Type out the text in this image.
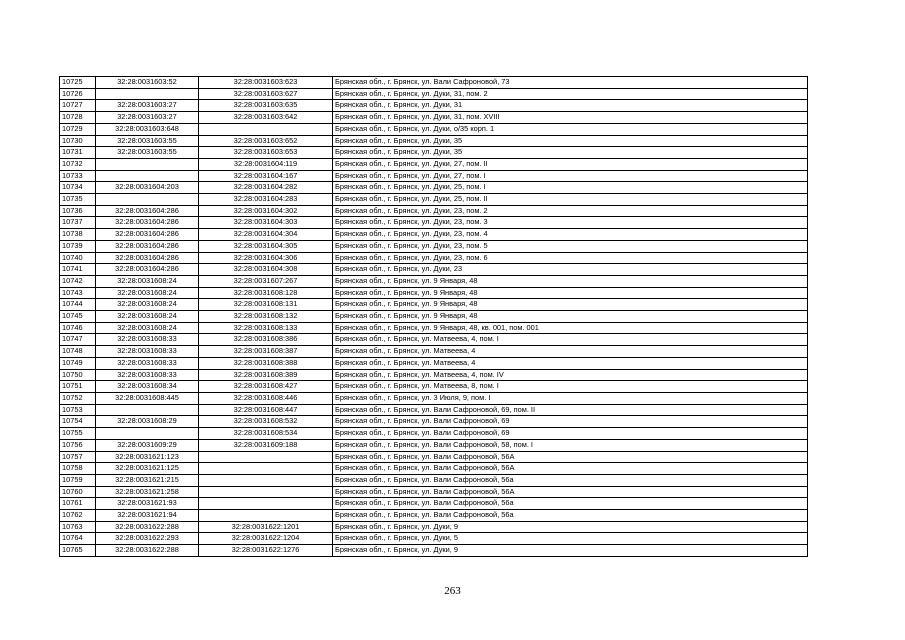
10725	32:28:0031603:52	32:28:0031603:623	Брянская обл., г. Брянск, ул. Вали Сафроновой, 73
10726		32:28:0031603:627	Брянская обл., г. Брянск, ул. Дуки, 31, пом. 2
10727	32:28:0031603:27	32:28:0031603:635	Брянская обл., г. Брянск, ул. Дуки, 31
10728	32:28:0031603:27	32:28:0031603:642	Брянская обл., г. Брянск, ул. Дуки, 31, пом. XVIII
10729	32:28:0031603:648		Брянская обл., г. Брянск, ул. Дуки, о/35 корп. 1
10730	32:28:0031603:55	32:28:0031603:652	Брянская обл., г. Брянск, ул. Дуки, 35
10731	32:28:0031603:55	32:28:0031603:653	Брянская обл., г. Брянск, ул. Дуки, 35
10732		32:28:0031604:119	Брянская обл., г. Брянск, ул. Дуки, 27, пом. II
10733		32:28:0031604:167	Брянская обл., г. Брянск, ул. Дуки, 27, пом. I
10734	32:28:0031604:203	32:28:0031604:282	Брянская обл., г. Брянск, ул. Дуки, 25, пом. I
10735		32:28:0031604:283	Брянская обл., г. Брянск, ул. Дуки, 25, пом. II
10736	32:28:0031604:286	32:28:0031604:302	Брянская обл., г. Брянск, ул. Дуки, 23, пом. 2
10737	32:28:0031604:286	32:28:0031604:303	Брянская обл., г. Брянск, ул. Дуки, 23, пом. 3
10738	32:28:0031604:286	32:28:0031604:304	Брянская обл., г. Брянск, ул. Дуки, 23, пом. 4
10739	32:28:0031604:286	32:28:0031604:305	Брянская обл., г. Брянск, ул. Дуки, 23, пом. 5
10740	32:28:0031604:286	32:28:0031604:306	Брянская обл., г. Брянск, ул. Дуки, 23, пом. 6
10741	32:28:0031604:286	32:28:0031604:308	Брянская обл., г. Брянск, ул. Дуки, 23
10742	32:28:0031608:24	32:28:0031607:267	Брянская обл., г. Брянск, ул. 9 Января, 48
10743	32:28:0031608:24	32:28:0031608:128	Брянская обл., г. Брянск, ул. 9 Января, 48
10744	32:28:0031608:24	32:28:0031608:131	Брянская обл., г. Брянск, ул. 9 Января, 48
10745	32:28:0031608:24	32:28:0031608:132	Брянская обл., г. Брянск, ул. 9 Января, 48
10746	32:28:0031608:24	32:28:0031608:133	Брянская обл., г. Брянск, ул. 9 Января, 48, кв. 001, пом. 001
10747	32:28:0031608:33	32:28:0031608:386	Брянская обл., г. Брянск, ул. Матвеева, 4, пом. I
10748	32:28:0031608:33	32:28:0031608:387	Брянская обл., г. Брянск, ул. Матвеева, 4
10749	32:28:0031608:33	32:28:0031608:388	Брянская обл., г. Брянск, ул. Матвеева, 4
10750	32:28:0031608:33	32:28:0031608:389	Брянская обл., г. Брянск, ул. Матвеева, 4, пом. IV
10751	32:28:0031608:34	32:28:0031608:427	Брянская обл., г. Брянск, ул. Матвеева, 8, пом. I
10752	32:28:0031608:445	32:28:0031608:446	Брянская обл., г. Брянск, ул. 3 Июля, 9, пом. I
10753		32:28:0031608:447	Брянская обл., г. Брянск, ул. Вали Сафроновой, 69, пом. II
10754	32:28:0031608:29	32:28:0031608:532	Брянская обл., г. Брянск, ул. Вали Сафроновой, 69
10755		32:28:0031608:534	Брянская обл., г. Брянск, ул. Вали Сафроновой, 69
10756	32:28:0031609:29	32:28:0031609:188	Брянская обл., г. Брянск, ул. Вали Сафроновой, 58, пом. I
10757	32:28:0031621:123		Брянская обл., г. Брянск, ул. Вали Сафроновой, 56А
10758	32:28:0031621:125		Брянская обл., г. Брянск, ул. Вали Сафроновой, 56А
10759	32:28:0031621:215		Брянская обл., г. Брянск, ул. Вали Сафроновой, 56а
10760	32:28:0031621:258		Брянская обл., г. Брянск, ул. Вали Сафроновой, 56А
10761	32:28:0031621:93		Брянская обл., г. Брянск, ул. Вали Сафроновой, 56а
10762	32:28:0031621:94		Брянская обл., г. Брянск, ул. Вали Сафроновой, 56а
10763	32:28:0031622:288	32:28:0031622:1201	Брянская обл., г. Брянск, ул. Дуки, 9
10764	32:28:0031622:293	32:28:0031622:1204	Брянская обл., г. Брянск, ул. Дуки, 5
10765	32:28:0031622:288	32:28:0031622:1276	Брянская обл., г. Брянск, ул. Дуки, 9
263
